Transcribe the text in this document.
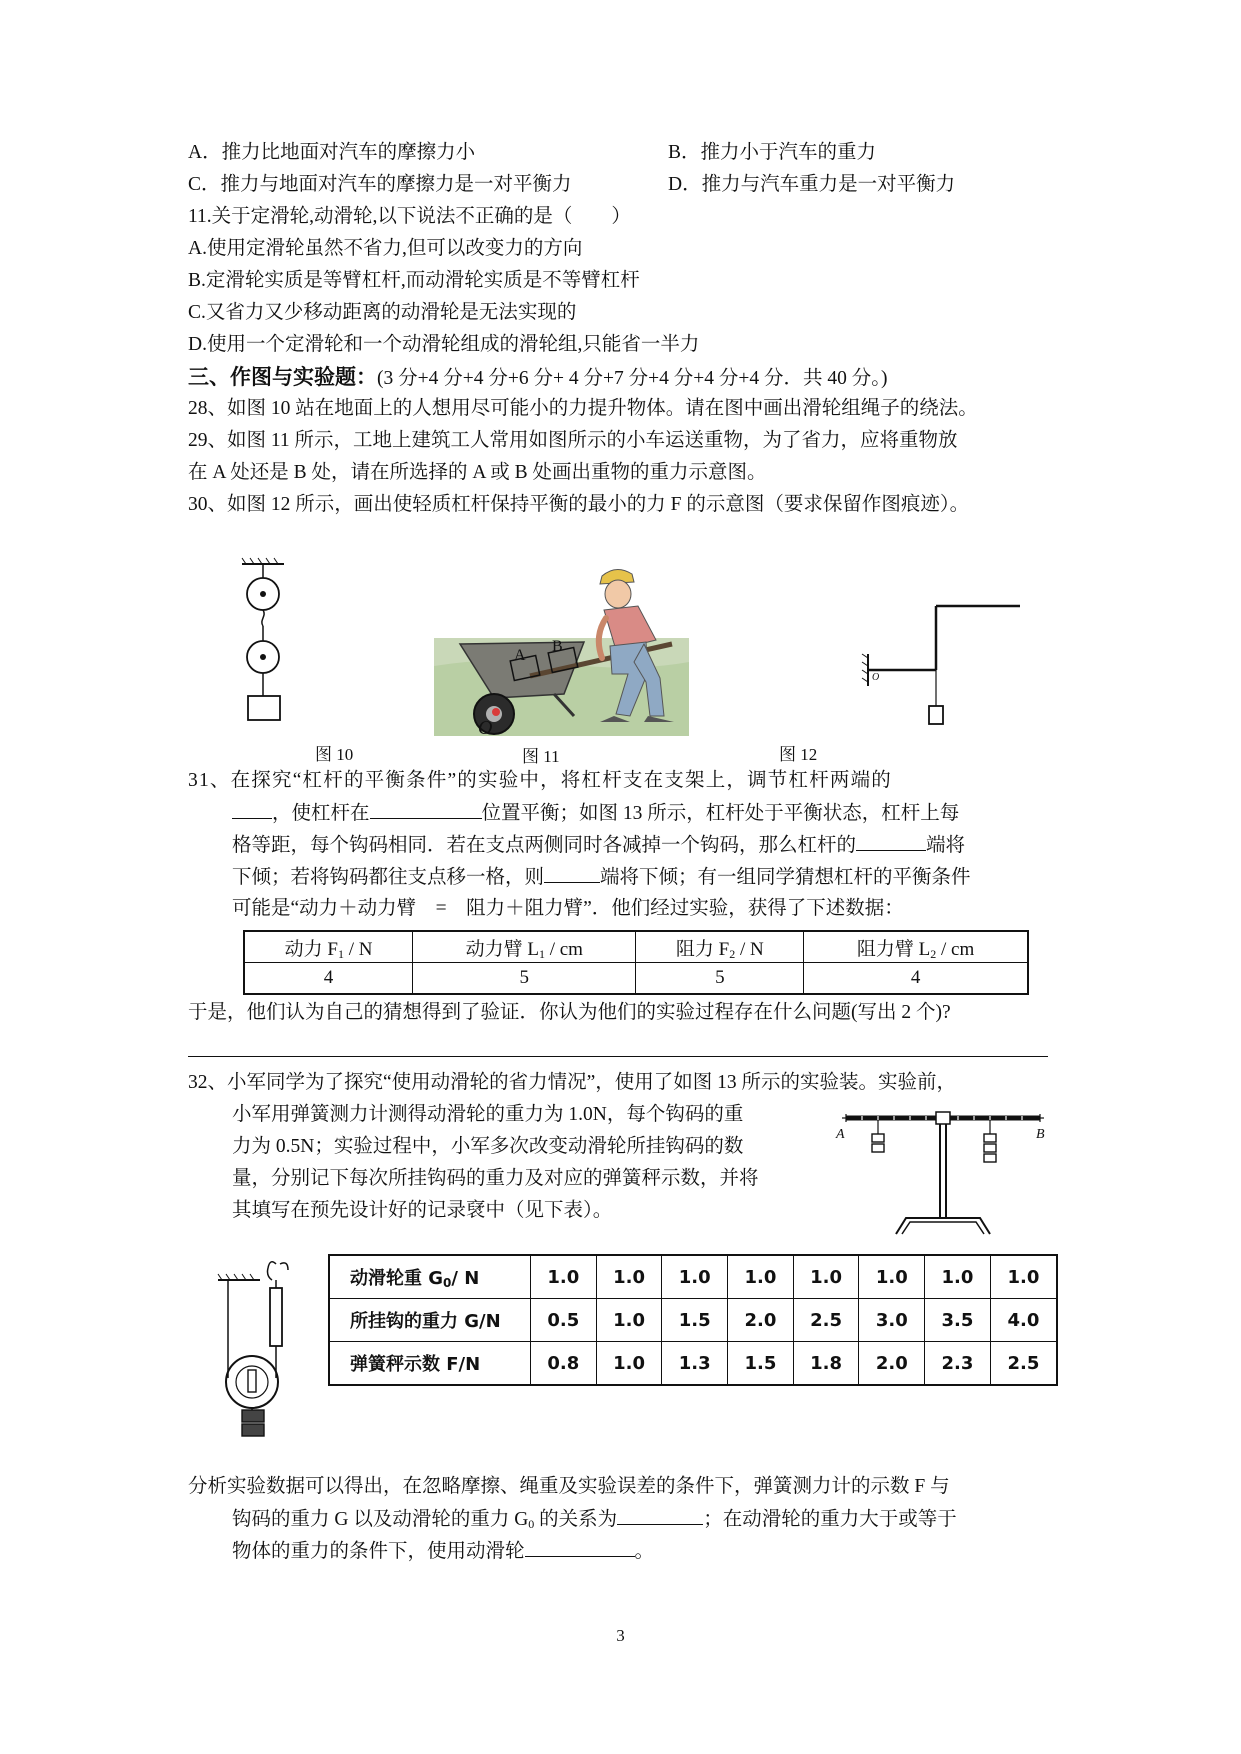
A．推力比地面对汽车的摩擦力小	B．推力小于汽车的重力
C．推力与地面对汽车的摩擦力是一对平衡力	D．推力与汽车重力是一对平衡力
11.关于定滑轮,动滑轮,以下说法不正确的是（　　）
A.使用定滑轮虽然不省力,但可以改变力的方向
B.定滑轮实质是等臂杠杆,而动滑轮实质是不等臂杠杆
C.又省力又少移动距离的动滑轮是无法实现的
D.使用一个定滑轮和一个动滑轮组成的滑轮组,只能省一半力
三、作图与实验题：(3 分+4 分+4 分+6 分+ 4 分+7 分+4 分+4 分+4 分．共 40 分。)
28、如图 10 站在地面上的人想用尽可能小的力提升物体。请在图中画出滑轮组绳子的绕法。
29、如图 11 所示，工地上建筑工人常用如图所示的小车运送重物，为了省力，应将重物放
在 A 处还是 B 处，请在所选择的 A 或 B 处画出重物的重力示意图。
30、如图 12 所示，画出使轻质杠杆保持平衡的最小的力 F 的示意图（要求保留作图痕迹）。
A
B
O
O
图 10	图 11	图 12
31、在探究“杠杆的平衡条件”的实验中，将杠杆支在支架上，调节杠杆两端的
，使杠杆在	位置平衡；如图 13 所示，杠杆处于平衡状态，杠杆上每
格等距，每个钩码相同．若在支点两侧同时各减掉一个钩码，那么杠杆的	端将
下倾；若将钩码都往支点移一格，则	端将下倾；有一组同学猜想杠杆的平衡条件
可能是“动力＋动力臂　=　阻力＋阻力臂”．他们经过实验，获得了下述数据：
动力 $F_1$ / N	动力臂 $L_1$ / cm	阻力 $F_2$ / N	阻力臂 $L_2$ / cm
4	5	5	4
于是，他们认为自己的猜想得到了验证．你认为他们的实验过程存在什么问题(写出 2 个)?
32、小军同学为了探究“使用动滑轮的省力情况”，使用了如图 13 所示的实验装。实验前，
小军用弹簧测力计测得动滑轮的重力为 1.0N，每个钩码的重
力为 0.5N；实验过程中，小军多次改变动滑轮所挂钩码的数
量，分别记下每次所挂钩码的重力及对应的弹簧秤示数，并将
其填写在预先设计好的记录裦中（见下表）。
A	B
动滑轮重 $G_0/$ N	1.0	1.0	1.0	1.0	1.0	1.0	1.0	1.0
所挂钩的重力 G/N	0.5	1.0	1.5	2.0	2.5	3.0	3.5	4.0
弹簧秤示数 F/N	0.8	1.0	1.3	1.5	1.8	2.0	2.3	2.5
分析实验数据可以得出，在忽略摩擦、绳重及实验误差的条件下，弹簧测力计的示数 F 与
钩码的重力 G 以及动滑轮的重力 $G_0$ 的关系为	；在动滑轮的重力大于或等于
物体的重力的条件下，使用动滑轮	。
3
